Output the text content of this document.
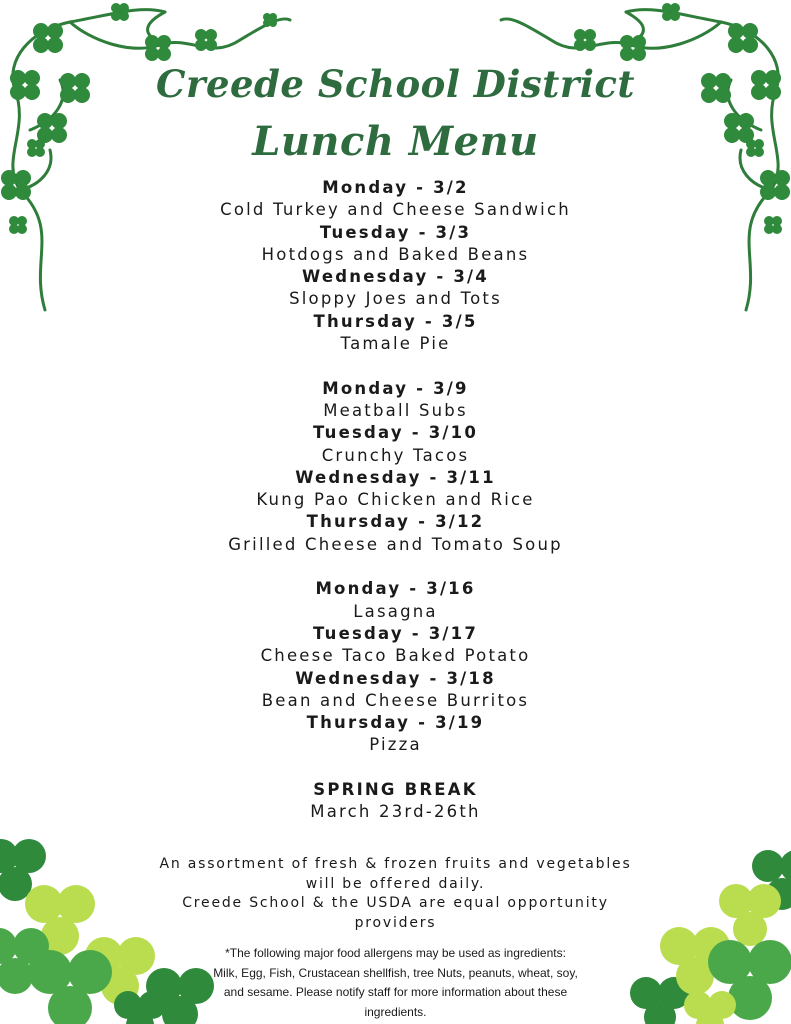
Creede School District
Lunch Menu
Monday - 3/2
Cold Turkey and Cheese Sandwich
Tuesday - 3/3
Hotdogs and Baked Beans
Wednesday - 3/4
Sloppy Joes and Tots
Thursday - 3/5
Tamale Pie
Monday - 3/9
Meatball Subs
Tuesday - 3/10
Crunchy Tacos
Wednesday - 3/11
Kung Pao Chicken and Rice
Thursday - 3/12
Grilled Cheese and Tomato Soup
Monday - 3/16
Lasagna
Tuesday - 3/17
Cheese Taco Baked Potato
Wednesday - 3/18
Bean and Cheese Burritos
Thursday - 3/19
Pizza
SPRING BREAK
March 23rd-26th
An assortment of fresh & frozen fruits and vegetables
will be offered daily.
Creede School & the USDA are equal opportunity
providers
*The following major food allergens may be used as ingredients:
Milk, Egg, Fish, Crustacean shellfish, tree Nuts, peanuts, wheat, soy,
and sesame. Please notify staff for more information about these
ingredients.
